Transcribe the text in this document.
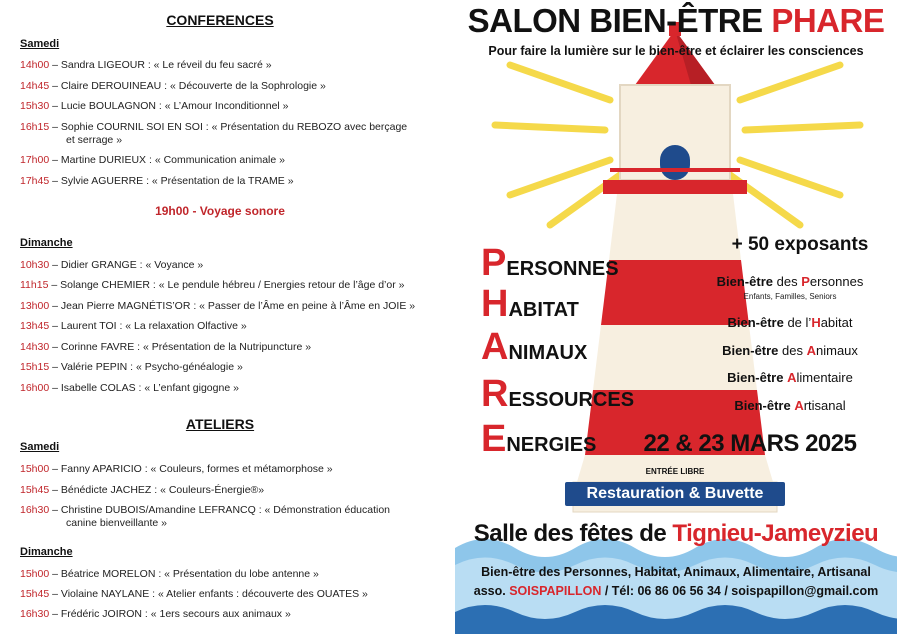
CONFERENCES
Samedi
14h00 – Sandra LIGEOUR : « Le réveil du feu sacré »
14h45 – Claire DEROUINEAU : « Découverte de la Sophrologie »
15h30 – Lucie BOULAGNON : « L’Amour Inconditionnel »
16h15 – Sophie COURNIL SOI EN SOI : « Présentation du REBOZO avec berçage
et serrage »
17h00 – Martine DURIEUX : « Communication animale »
17h45 – Sylvie AGUERRE : « Présentation de la TRAME »
19h00 - Voyage sonore
Dimanche
10h30 – Didier GRANGE : « Voyance »
11h15 – Solange CHEMIER : « Le pendule hébreu / Energies retour de l’âge d’or »
13h00 – Jean Pierre MAGNÉTIS’OR : « Passer de l’Âme en peine à l’Âme en JOIE »
13h45 – Laurent TOI : « La relaxation Olfactive »
14h30 – Corinne FAVRE : « Présentation de la Nutripuncture »
15h15 – Valérie PEPIN : « Psycho-généalogie »
16h00 – Isabelle COLAS : « L’enfant gigogne »
ATELIERS
Samedi
15h00 – Fanny APARICIO : « Couleurs, formes et métamorphose »
15h45 – Bénédicte JACHEZ : « Couleurs-Énergie®»
16h30 – Christine DUBOIS/Amandine LEFRANCQ : « Démonstration éducation
canine bienveillante »
Dimanche
15h00 – Béatrice MORELON : « Présentation du lobe antenne »
15h45 – Violaine NAYLANE : « Atelier enfants : découverte des OUATES »
16h30 – Frédéric JOIRON : « 1ers secours aux animaux »
SALON BIEN-ÊTRE PHARE
Pour faire la lumière sur le bien-être et éclairer les consciences
PERSONNES
HABITAT
ANIMAUX
RESSOURCES
ENERGIES
+ 50 exposants
Bien-être des Personnes
Enfants, Familles, Seniors
Bien-être de l’Habitat
Bien-être des Animaux
Bien-être Alimentaire
Bien-être Artisanal
22 & 23 MARS 2025
ENTRÉE LIBRE
Restauration & Buvette
Salle des fêtes de Tignieu-Jameyzieu
Bien-être des Personnes, Habitat, Animaux, Alimentaire, Artisanal
asso. SOISPAPILLON / Tél: 06 86 06 56 34 / soispapillon@gmail.com
